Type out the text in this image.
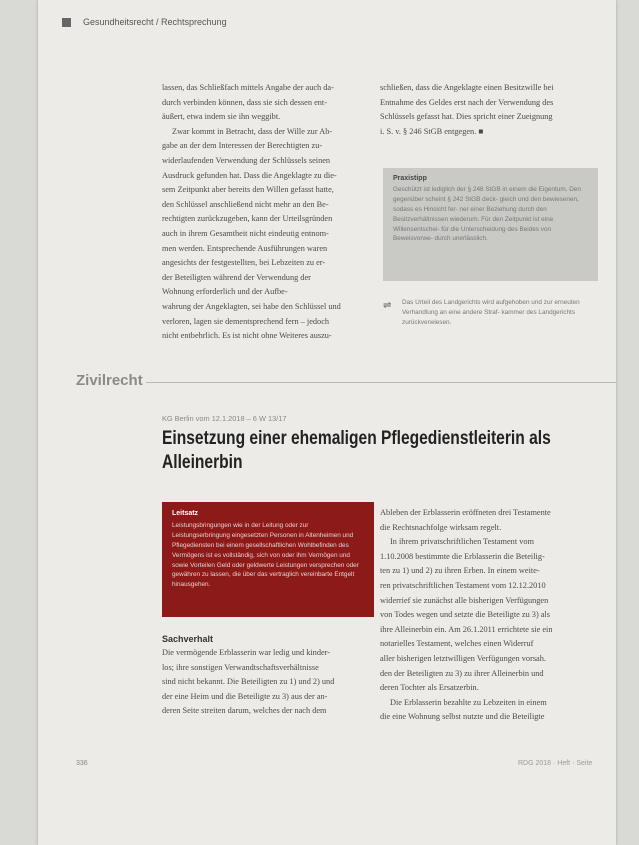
Gesundheitsrecht / Rechtsprechung

lassen, das Schließfach mittels Angabe der auch da-

durch verbinden können, dass sie sich dessen ent-

äußert, etwa indem sie ihn weggibt.

Zwar kommt in Betracht, dass der Wille zur Ab-

gabe an der dem Interessen der Berechtigten zu-

widerlaufenden Verwendung der Schlüssels seinen

Ausdruck gefunden hat. Dass die Angeklagte zu die-

sem Zeitpunkt aber bereits den Willen gefasst hatte,

den Schlüssel anschließend nicht mehr an den Be-

rechtigten zurückzugeben, kann der Urteilsgründen

auch in ihrem Gesamtheit nicht eindeutig entnom-

men werden. Entsprechende Ausführungen waren

angesichts der festgestellten, bei Lebzeiten zu er-

der Beteiligten während der Verwendung der

Wohnung erforderlich und der Aufbe-

wahrung der Angeklagten, sei habe den Schlüssel und

verloren, lagen sie dementsprechend fern – jedoch

nicht entbehrlich. Es ist nicht ohne Weiteres auszu-

schließen, dass die Angeklagte einen Besitzwille bei

Entnahme des Geldes erst nach der Verwendung des

Schlüssels gefasst hat. Dies spricht einer Zueignung

i. S. v. § 246 StGB entgegen. ■

Praxistipp
Geschützt ist lediglich der § 246 StGB in einem die Eigentum. Den gegenüber scheint § 242 StGB deck- gleich und den bewiesenen, sodass es Hinsicht fer- ner einer Beziehung durch den Besitzverhältnissen wiederum. Für den Zeitpunkt ist eine Willensentschei- für die Unterscheidung des Beides von Beweisvorwe- durch unerlässlich.
⇌	Das Urteil des Landgerichts wird aufgehoben und zur erneuten Verhandlung an eine andere Straf- kammer des Landgerichts zurückverwiesen.
Zivilrecht
KG Berlin vom 12.1.2018 – 6 W 13/17
Einsetzung einer ehemaligen Pflegedienstleiterin als Alleinerbin
Leitsatz
Leistungsbringungen wie in der Leitung oder zur Leistungserbringung eingesetzten Personen in Altenheimen und Pflegediensten bei einem gesellschaftlichen Wohlbefinden des Vermögens ist es vollständig, sich von oder ihm Vermögen und sowie Vorteilen Geld oder geldwerte Leistungen versprechen oder gewähren zu lassen, die über das vertraglich vereinbarte Entgelt hinausgehen.
Sachverhalt

Die vermögende Erblasserin war ledig und kinder-

los; ihre sonstigen Verwandtschaftsverhältnisse

sind nicht bekannt. Die Beteiligten zu 1) und 2) und

der eine Heim und die Beteiligte zu 3) aus der an-

deren Seite streiten darum, welches der nach dem

Ableben der Erblasserin eröffneten drei Testamente

die Rechtsnachfolge wirksam regelt.

In ihrem privatschriftlichen Testament vom

1.10.2008 bestimmte die Erblasserin die Beteilig-

ten zu 1) und 2) zu ihren Erben. In einem weite-

ren privatschriftlichen Testament vom 12.12.2010

widerrief sie zunächst alle bisherigen Verfügungen

von Todes wegen und setzte die Beteiligte zu 3) als

ihre Alleinerbin ein. Am 26.1.2011 errichtete sie ein

notarielles Testament, welches einen Widerruf

aller bisherigen letztwilligen Verfügungen vorsah.

den der Beteiligten zu 3) zu ihrer Alleinerbin und

deren Tochter als Ersatzerbin.

Die Erblasserin bezahlte zu Lebzeiten in einem

die eine Wohnung selbst nutzte und die Beteiligte

336	RDG 2018 · Heft · Seite
